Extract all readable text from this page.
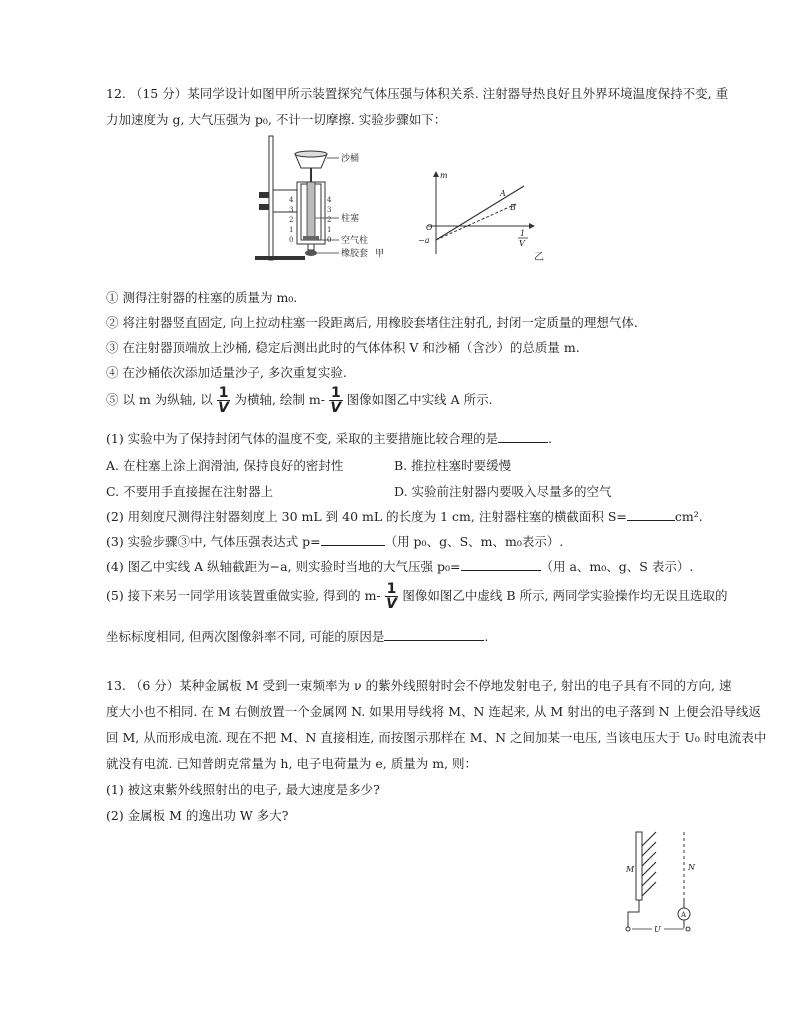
12. （15 分）某同学设计如图甲所示装置探究气体压强与体积关系. 注射器导热良好且外界环境温度保持不变, 重
力加速度为 g, 大气压强为 p₀, 不计一切摩擦. 实验步骤如下：
4
3
2
1
0
4
3
2
1
0
沙桶
柱塞
空气柱
橡胶套 甲
m
O
−a
A
B
1
V
乙
① 测得注射器的柱塞的质量为 m₀.
② 将注射器竖直固定, 向上拉动柱塞一段距离后, 用橡胶套堵住注射孔, 封闭一定质量的理想气体.
③ 在注射器顶端放上沙桶, 稳定后测出此时的气体体积 V 和沙桶（含沙）的总质量 m.
④ 在沙桶依次添加适量沙子, 多次重复实验.
⑤ 以 m 为纵轴, 以 $\frac{1}{V}$ 为横轴, 绘制 $m- \frac{1}{V}$ 图像如图乙中实线 A 所示.
(1) 实验中为了保持封闭气体的温度不变, 采取的主要措施比较合理的是	.
A. 在柱塞上涂上润滑油, 保持良好的密封性	B. 推拉柱塞时要缓慢
C. 不要用手直接握在注射器上	D. 实验前注射器内要吸入尽量多的空气
(2) 用刻度尺测得注射器刻度上 30 mL 到 40 mL 的长度为 1 cm, 注射器柱塞的横截面积 S=	cm².
(3) 实验步骤③中, 气体压强表达式 p=	（用 p₀、g、S、m、m₀表示）.
(4) 图乙中实线 A 纵轴截距为−a, 则实验时当地的大气压强 p₀=	（用 a、m₀、g、S 表示）.
(5) 接下来另一同学用该装置重做实验, 得到的 $m- \frac{1}{V}$ 图像如图乙中虚线 B 所示, 两同学实验操作均无误且选取的
坐标标度相同, 但两次图像斜率不同, 可能的原因是	.
13. （6 分）某种金属板 M 受到一束频率为 ν 的紫外线照射时会不停地发射电子, 射出的电子具有不同的方向, 速
度大小也不相同. 在 M 右侧放置一个金属网 N. 如果用导线将 M、N 连起来, 从 M 射出的电子落到 N 上便会沿导线返
回 M, 从而形成电流. 现在不把 M、N 直接相连, 而按图示那样在 M、N 之间加某一电压, 当该电压大于 U₀ 时电流表中
就没有电流. 已知普朗克常量为 h, 电子电荷量为 e, 质量为 m, 则：
(1) 被这束紫外线照射出的电子, 最大速度是多少?
(2) 金属板 M 的逸出功 W 多大?
M	N
A
U
